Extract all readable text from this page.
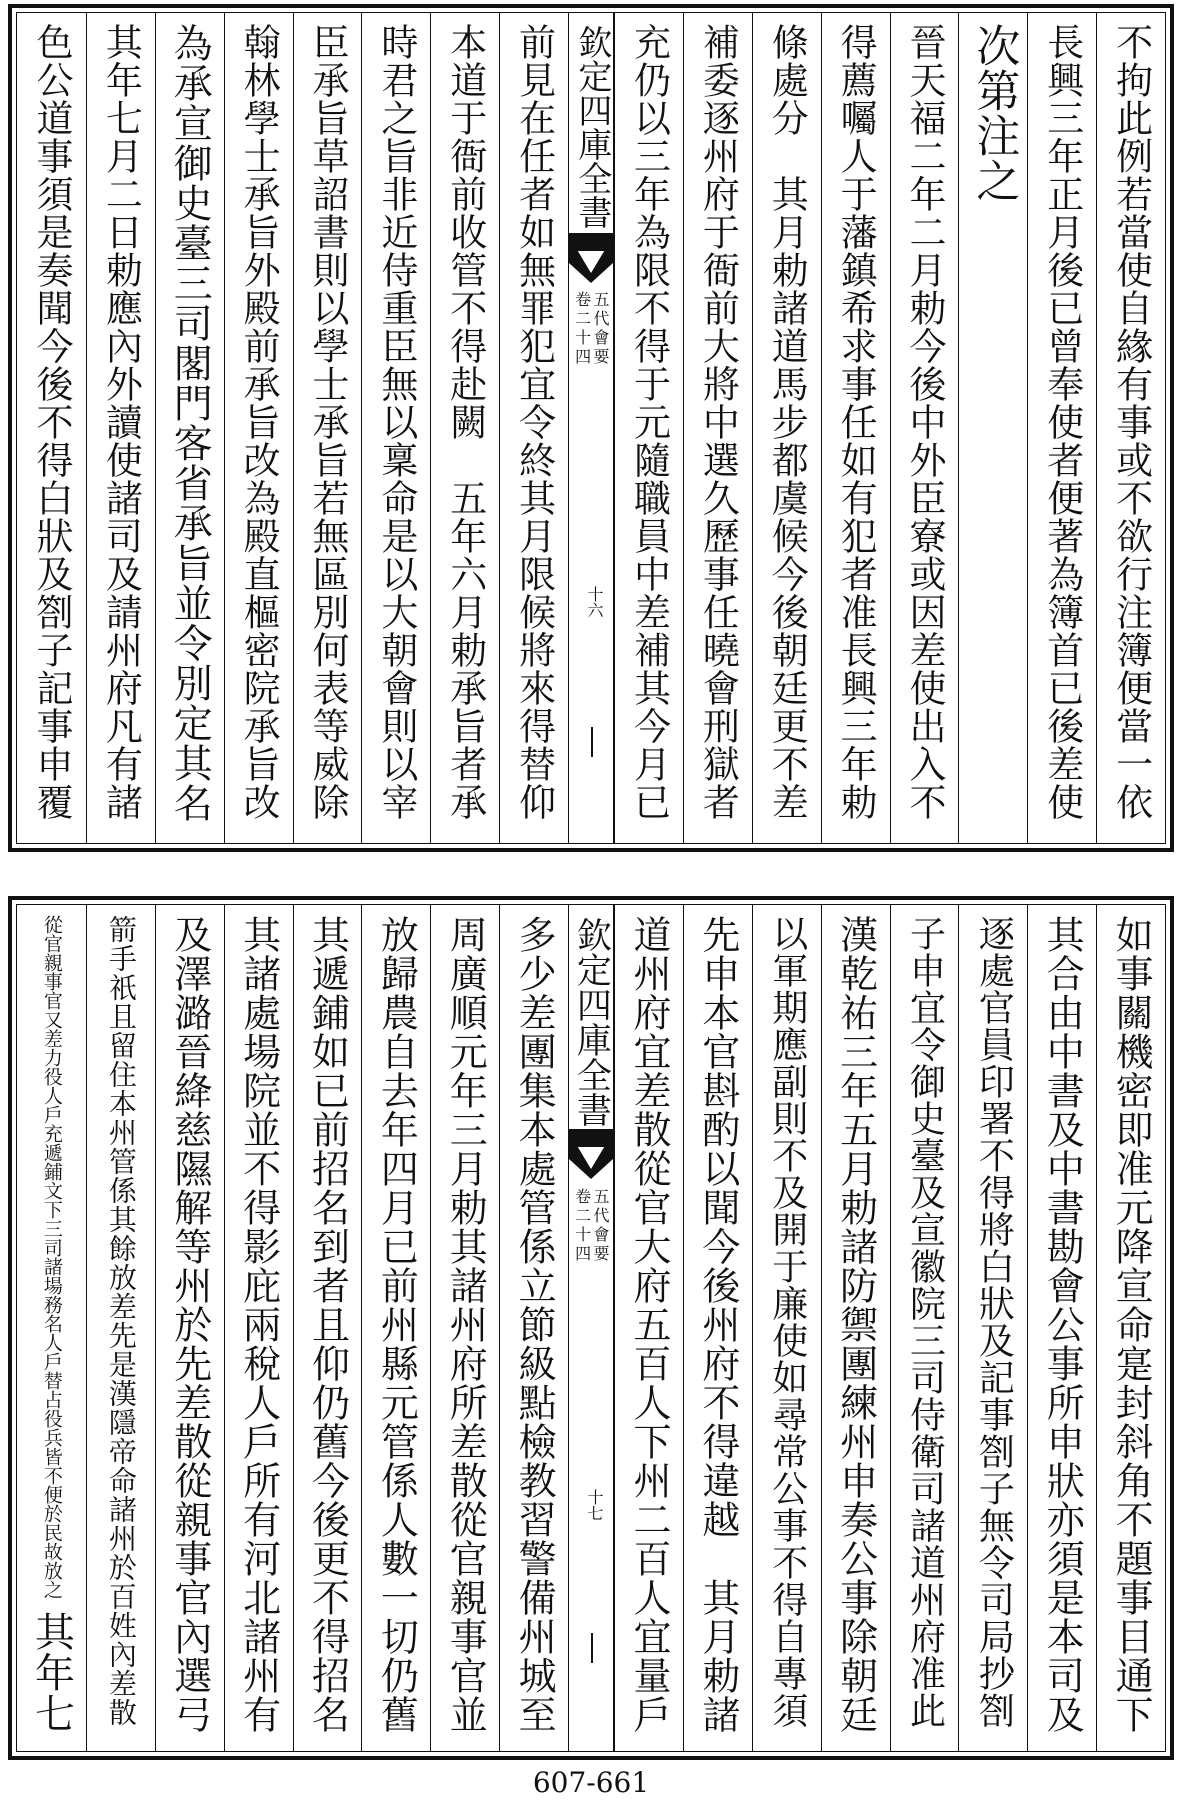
不拘此例若當使自緣有事或不欲行注簿便當一依
長興三年正月後已曾奉使者便著為簿首已後差使
次第注之
晉天福二年二月勅今後中外臣寮或因差使出入不
得薦囑人于藩鎮希求事任如有犯者准長興三年勅
條處分　其月勅諸道馬步都虞候今後朝廷更不差
補委逐州府于衙前大將中選久歷事任曉會刑獄者
充仍以三年為限不得于元隨職員中差補其今月已
欽定四庫全書
五代會要
卷二十四
十六
前見在任者如無罪犯宜令終其月限候將來得替仰
本道于衙前收管不得赴闕　五年六月勅承旨者承
時君之旨非近侍重臣無以稟命是以大朝會則以宰
臣承旨草詔書則以學士承旨若無區別何表等威除
翰林學士承旨外殿前承旨改為殿直樞密院承旨改
為承宣御史臺三司閣門客省承旨並令別定其名
其年七月二日勅應內外讀使諸司及請州府凡有諸
色公道事須是奏聞今後不得白狀及劄子記事申覆
如事關機密即准元降宣命寔封斜角不題事目通下
其合由中書及中書勘會公事所申狀亦須是本司及
逐處官員印署不得將白狀及記事劄子無令司局抄劄
子申宜令御史臺及宣徽院三司侍衛司諸道州府准此
漢乾祐三年五月勅諸防禦團練州申奏公事除朝廷
以軍期應副則不及開于廉使如尋常公事不得自專須
先申本官斟酌以聞今後州府不得違越　其月勅諸
道州府宜差散從官大府五百人下州二百人宜量戶
欽定四庫全書
五代會要
卷二十四
十七
多少差團集本處管係立節級點檢教習警備州城至
周廣順元年三月勅其諸州府所差散從官親事官並
放歸農自去年四月已前州縣元管係人數一切仍舊
其遞鋪如已前招名到者且仰仍舊今後更不得招名
其諸處場院並不得影庇兩稅人戶所有河北諸州有
及澤潞晉絳慈隰解等州於先差散從親事官內選弓
箭手祇且留住本州管係其餘放差先是漢隱帝命諸州於百姓內差散
從官親事官又差力役人戶充遞鋪文下三司諸場務名人戶替占役兵皆不便於民故放之
其年七
607-661
